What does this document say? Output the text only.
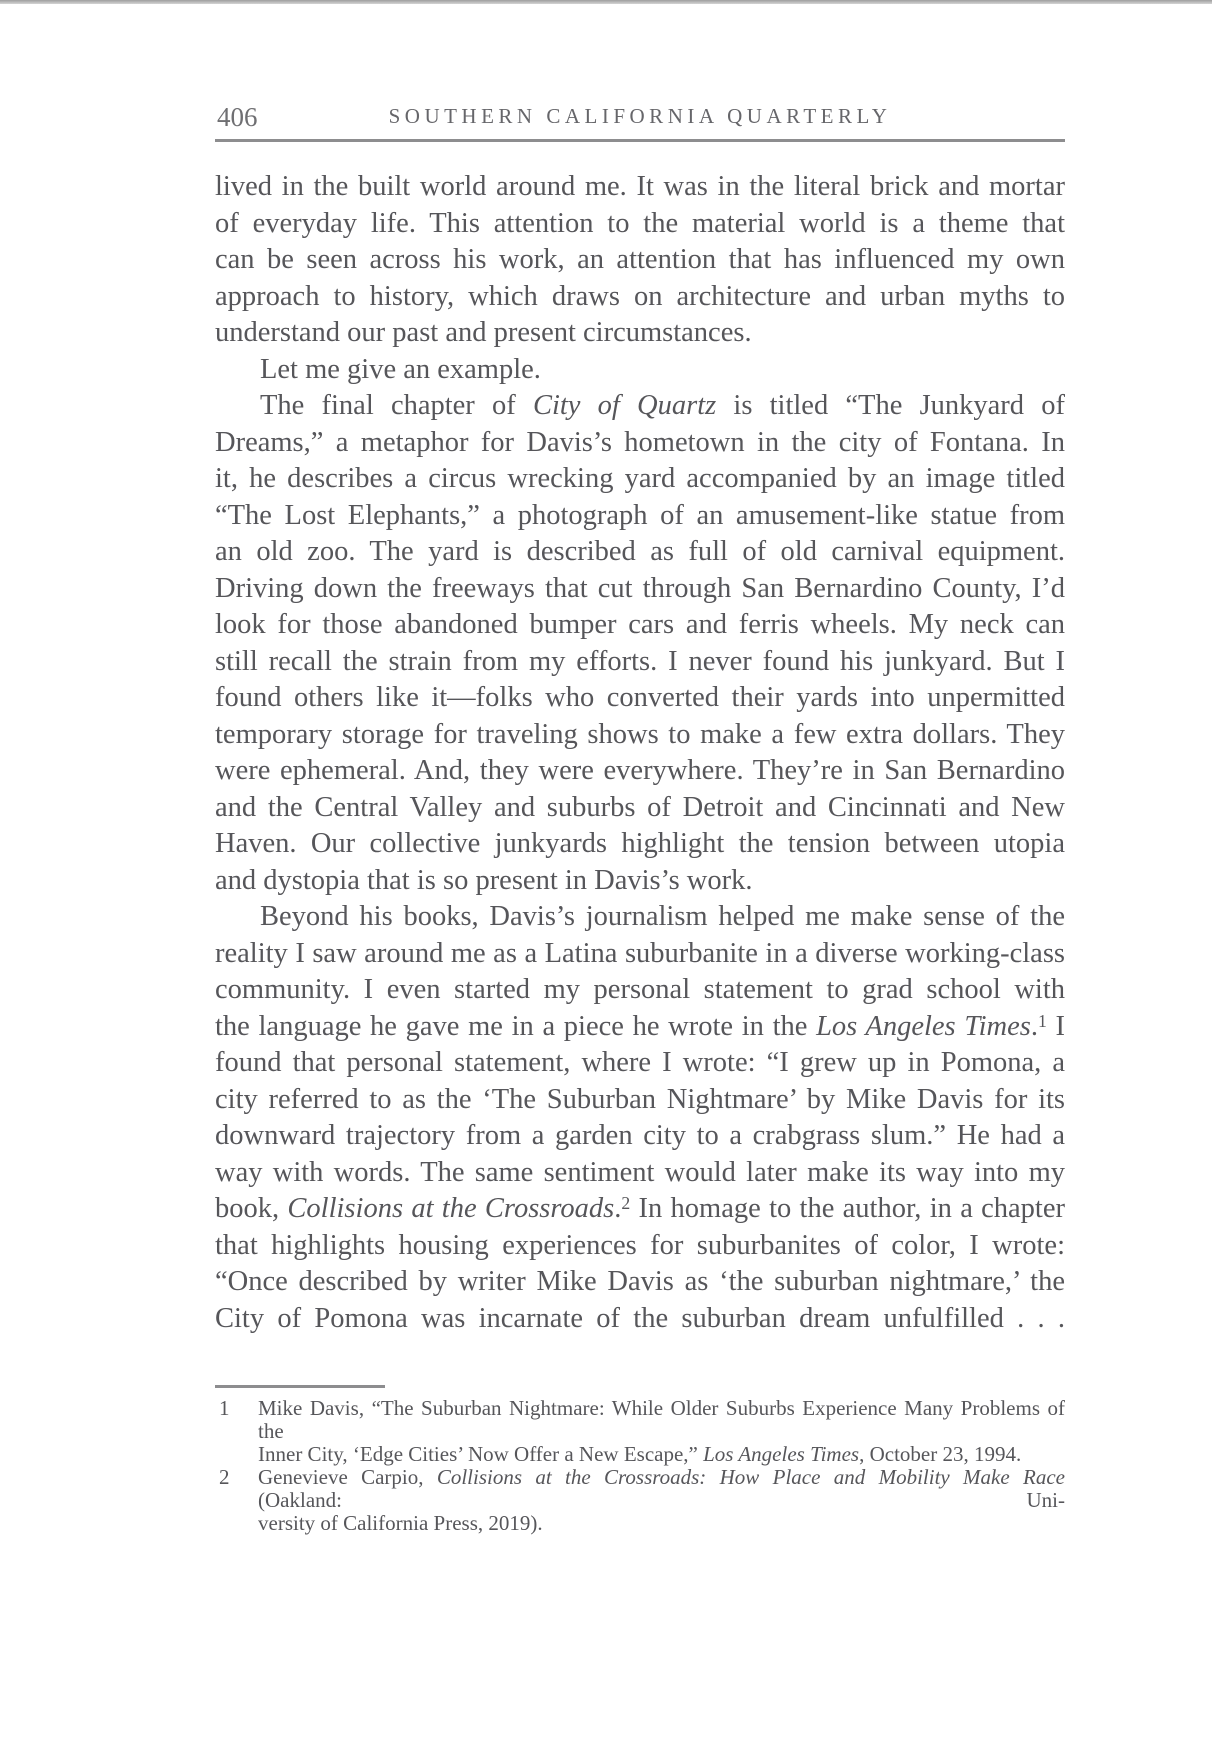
406	SOUTHERN CALIFORNIA QUARTERLY
lived in the built world around me. It was in the literal brick and mortar
of everyday life. This attention to the material world is a theme that
can be seen across his work, an attention that has influenced my own
approach to history, which draws on architecture and urban myths to
understand our past and present circumstances.
Let me give an example.
The final chapter of City of Quartz is titled “The Junkyard of
Dreams,” a metaphor for Davis’s hometown in the city of Fontana. In
it, he describes a circus wrecking yard accompanied by an image titled
“The Lost Elephants,” a photograph of an amusement-like statue from
an old zoo. The yard is described as full of old carnival equipment.
Driving down the freeways that cut through San Bernardino County, I’d
look for those abandoned bumper cars and ferris wheels. My neck can
still recall the strain from my efforts. I never found his junkyard. But I
found others like it—folks who converted their yards into unpermitted
temporary storage for traveling shows to make a few extra dollars. They
were ephemeral. And, they were everywhere. They’re in San Bernardino
and the Central Valley and suburbs of Detroit and Cincinnati and New
Haven. Our collective junkyards highlight the tension between utopia
and dystopia that is so present in Davis’s work.
Beyond his books, Davis’s journalism helped me make sense of the
reality I saw around me as a Latina suburbanite in a diverse working-class
community. I even started my personal statement to grad school with
the language he gave me in a piece he wrote in the Los Angeles Times.$^1$ I
found that personal statement, where I wrote: “I grew up in Pomona, a
city referred to as the ‘The Suburban Nightmare’ by Mike Davis for its
downward trajectory from a garden city to a crabgrass slum.” He had a
way with words. The same sentiment would later make its way into my
book, Collisions at the Crossroads.$^2$ In homage to the author, in a chapter
that highlights housing experiences for suburbanites of color, I wrote:
“Once described by writer Mike Davis as ‘the suburban nightmare,’ the
City of Pomona was incarnate of the suburban dream unfulfilled . . .
1 Mike Davis, “The Suburban Nightmare: While Older Suburbs Experience Many Problems of the
Inner City, ‘Edge Cities’ Now Offer a New Escape,” Los Angeles Times, October 23, 1994.
2 Genevieve Carpio, Collisions at the Crossroads: How Place and Mobility Make Race (Oakland: Uni-
versity of California Press, 2019).
